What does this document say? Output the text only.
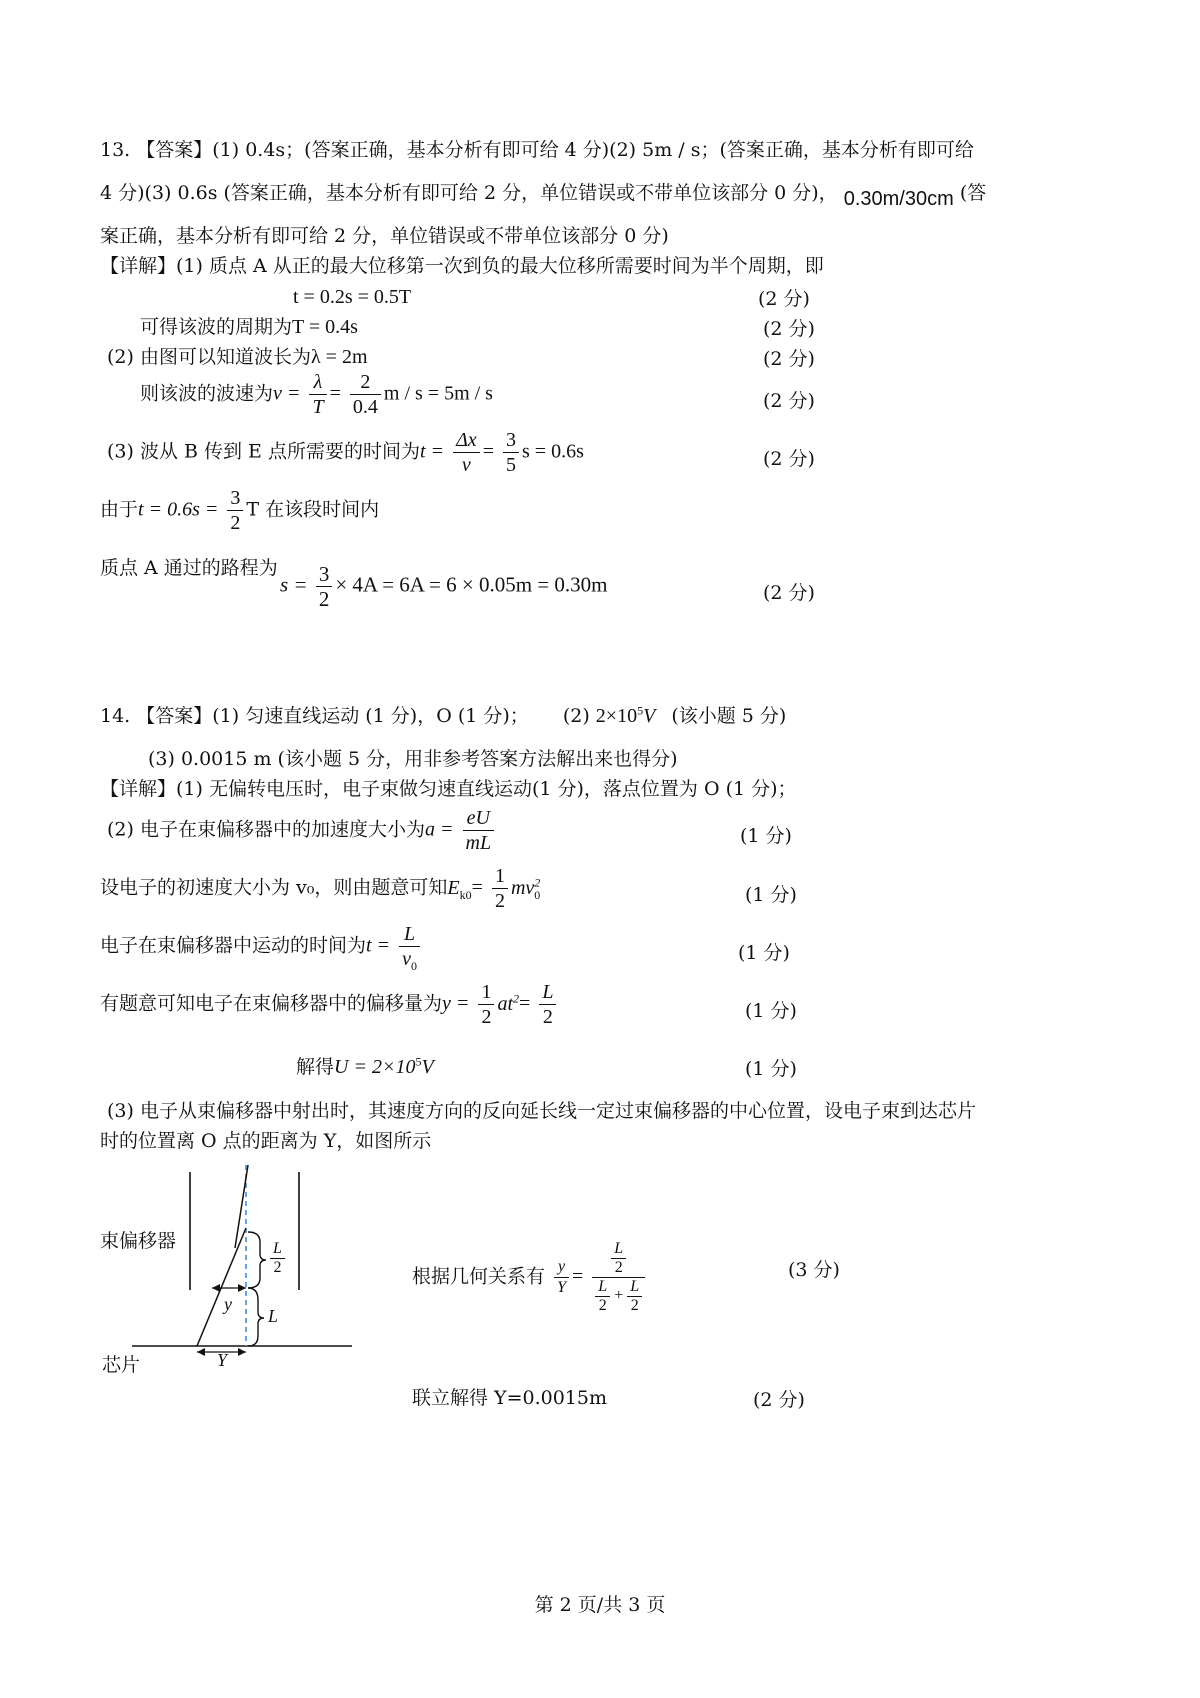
13. 【答案】(1) 0.4s；(答案正确，基本分析有即可给 4 分)(2) 5m / s；(答案正确，基本分析有即可给
4 分)(3) 0.6s (答案正确，基本分析有即可给 2 分，单位错误或不带单位该部分 0 分)， 0.30m/30cm (答
案正确，基本分析有即可给 2 分，单位错误或不带单位该部分 0 分)
【详解】(1) 质点 A 从正的最大位移第一次到负的最大位移所需要时间为半个周期，即
t = 0.2s = 0.5T	(2 分)
可得该波的周期为T = 0.4s	(2 分)
(2) 由图可以知道波长为λ = 2m	(2 分)
则该波的波速为$v = \frac{\lambda}{T} = \frac{2}{0.4}$ m / s = 5m / s	(2 分)
(3) 波从 B 传到 E 点所需要的时间为$t = \frac{\Delta x}{v} = \frac{3}{5}$ s = 0.6s	(2 分)
由于$t = 0.6s = \frac{3}{2}$ T 在该段时间内
质点 A 通过的路程为
$s = \frac{3}{2} \times 4A = 6A = 6 \times 0.05m = 0.30m$	(2 分)
14. 【答案】(1) 匀速直线运动 (1 分)，O (1 分)； (2) $2\times 10^5V$ (该小题 5 分)
(3) 0.0015 m (该小题 5 分，用非参考答案方法解出来也得分)
【详解】(1) 无偏转电压时，电子束做匀速直线运动(1 分)，落点位置为 O (1 分)；
(2) 电子在束偏移器中的加速度大小为$a = \frac{eU}{mL}$	(1 分)
设电子的初速度大小为 v₀，则由题意可知$E_{k0}= \frac{1}{2} mv^2_0$	(1 分)
电子在束偏移器中运动的时间为$t = \frac{L}{v_0}$	(1 分)
有题意可知电子在束偏移器中的偏移量为$y = \frac{1}{2} at^2= \frac{L}{2}$	(1 分)
解得$U = 2\times 10^5V$	(1 分)
(3) 电子从束偏移器中射出时，其速度方向的反向延长线一定过束偏移器的中心位置，设电子束到达芯片
时的位置离 O 点的距离为 Y，如图所示
束偏移器
芯片
$\frac{L}{2}$
L
y
Y
根据几何关系有 $\frac{y}{Y} = \frac{\frac{L}{2}}{\frac{L}{2} + \frac{L}{2}}$	(3 分)
联立解得 Y=0.0015m	(2 分)
第 2 页/共 3 页
